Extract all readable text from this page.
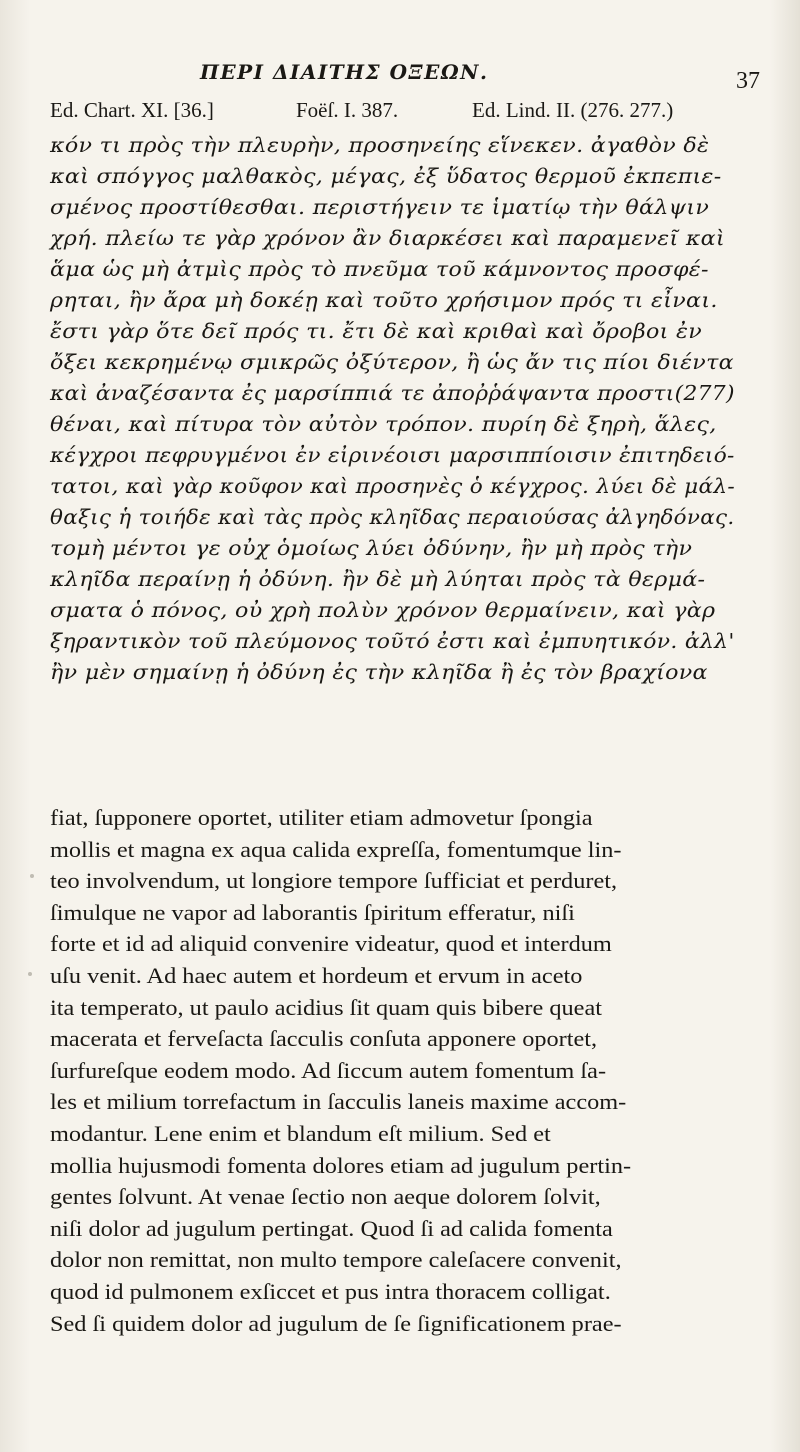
ΠΕΡΙ ΔΙΑΙΤΗΣ ΟΞΕΩΝ.	37
Ed. Chart. XI. [36.]	Foëſ. I. 387.	Ed. Lind. II. (276. 277.)
κόν τι πρὸς τὴν πλευρὴν, προσηνείης εἵνεκεν. ἀγαθὸν δὲ
καὶ σπόγγος μαλθακὸς, μέγας, ἐξ ὕδατος θερμοῦ ἐκπεπιε-
σμένος προστίθεσθαι. περιστήγειν τε ἱματίῳ τὴν θάλψιν
χρή. πλείω τε γὰρ χρόνον ἂν διαρκέσει καὶ παραμενεῖ καὶ
ἅμα ὡς μὴ ἀτμὶς πρὸς τὸ πνεῦμα τοῦ κάμνοντος προσφέ-
ρηται, ἢν ἄρα μὴ δοκέῃ καὶ τοῦτο χρήσιμον πρός τι εἶναι.
ἔστι γὰρ ὅτε δεῖ πρός τι. ἔτι δὲ καὶ κριθαὶ καὶ ὄροβοι ἐν
ὄξει κεκρημένῳ σμικρῶς ὀξύτερον, ἢ ὡς ἄν τις πίοι διέντα
καὶ ἀναζέσαντα ἐς μαρσίππιά τε ἀποῤῥάψαντα προστι(277)
θέναι, καὶ πίτυρα τὸν αὐτὸν τρόπον. πυρίη δὲ ξηρὴ, ἅλες,
κέγχροι πεφρυγμένοι ἐν εἰρινέοισι μαρσιππίοισιν ἐπιτηδειό-
τατοι, καὶ γὰρ κοῦφον καὶ προσηνὲς ὁ κέγχρος. λύει δὲ μάλ-
θαξις ἡ τοιήδε καὶ τὰς πρὸς κληῖδας περαιούσας ἀλγηδόνας.
τομὴ μέντοι γε οὐχ ὁμοίως λύει ὀδύνην, ἢν μὴ πρὸς τὴν
κληῖδα περαίνῃ ἡ ὀδύνη. ἢν δὲ μὴ λύηται πρὸς τὰ θερμά-
σματα ὁ πόνος, οὐ χρὴ πολὺν χρόνον θερμαίνειν, καὶ γὰρ
ξηραντικὸν τοῦ πλεύμονος τοῦτό ἐστι καὶ ἐμπυητικόν. ἀλλ'
ἢν μὲν σημαίνῃ ἡ ὀδύνη ἐς τὴν κληῖδα ἢ ἐς τὸν βραχίονα
fiat, ſupponere oportet, utiliter etiam admovetur ſpongia
mollis et magna ex aqua calida expreſſa, fomentumque lin-
teo involvendum, ut longiore tempore ſufficiat et perduret,
ſimulque ne vapor ad laborantis ſpiritum efferatur, niſi
forte et id ad aliquid convenire videatur, quod et interdum
uſu venit. Ad haec autem et hordeum et ervum in aceto
ita temperato, ut paulo acidius ſit quam quis bibere queat
macerata et ferveſacta ſacculis conſuta apponere oportet,
ſurfureſque eodem modo. Ad ſiccum autem fomentum ſa-
les et milium torrefactum in ſacculis laneis maxime accom-
modantur. Lene enim et blandum eſt milium. Sed et
mollia hujusmodi fomenta dolores etiam ad jugulum pertin-
gentes ſolvunt. At venae ſectio non aeque dolorem ſolvit,
niſi dolor ad jugulum pertingat. Quod ſi ad calida fomenta
dolor non remittat, non multo tempore caleſacere convenit,
quod id pulmonem exſiccet et pus intra thoracem colligat.
Sed ſi quidem dolor ad jugulum de ſe ſignificationem prae-
